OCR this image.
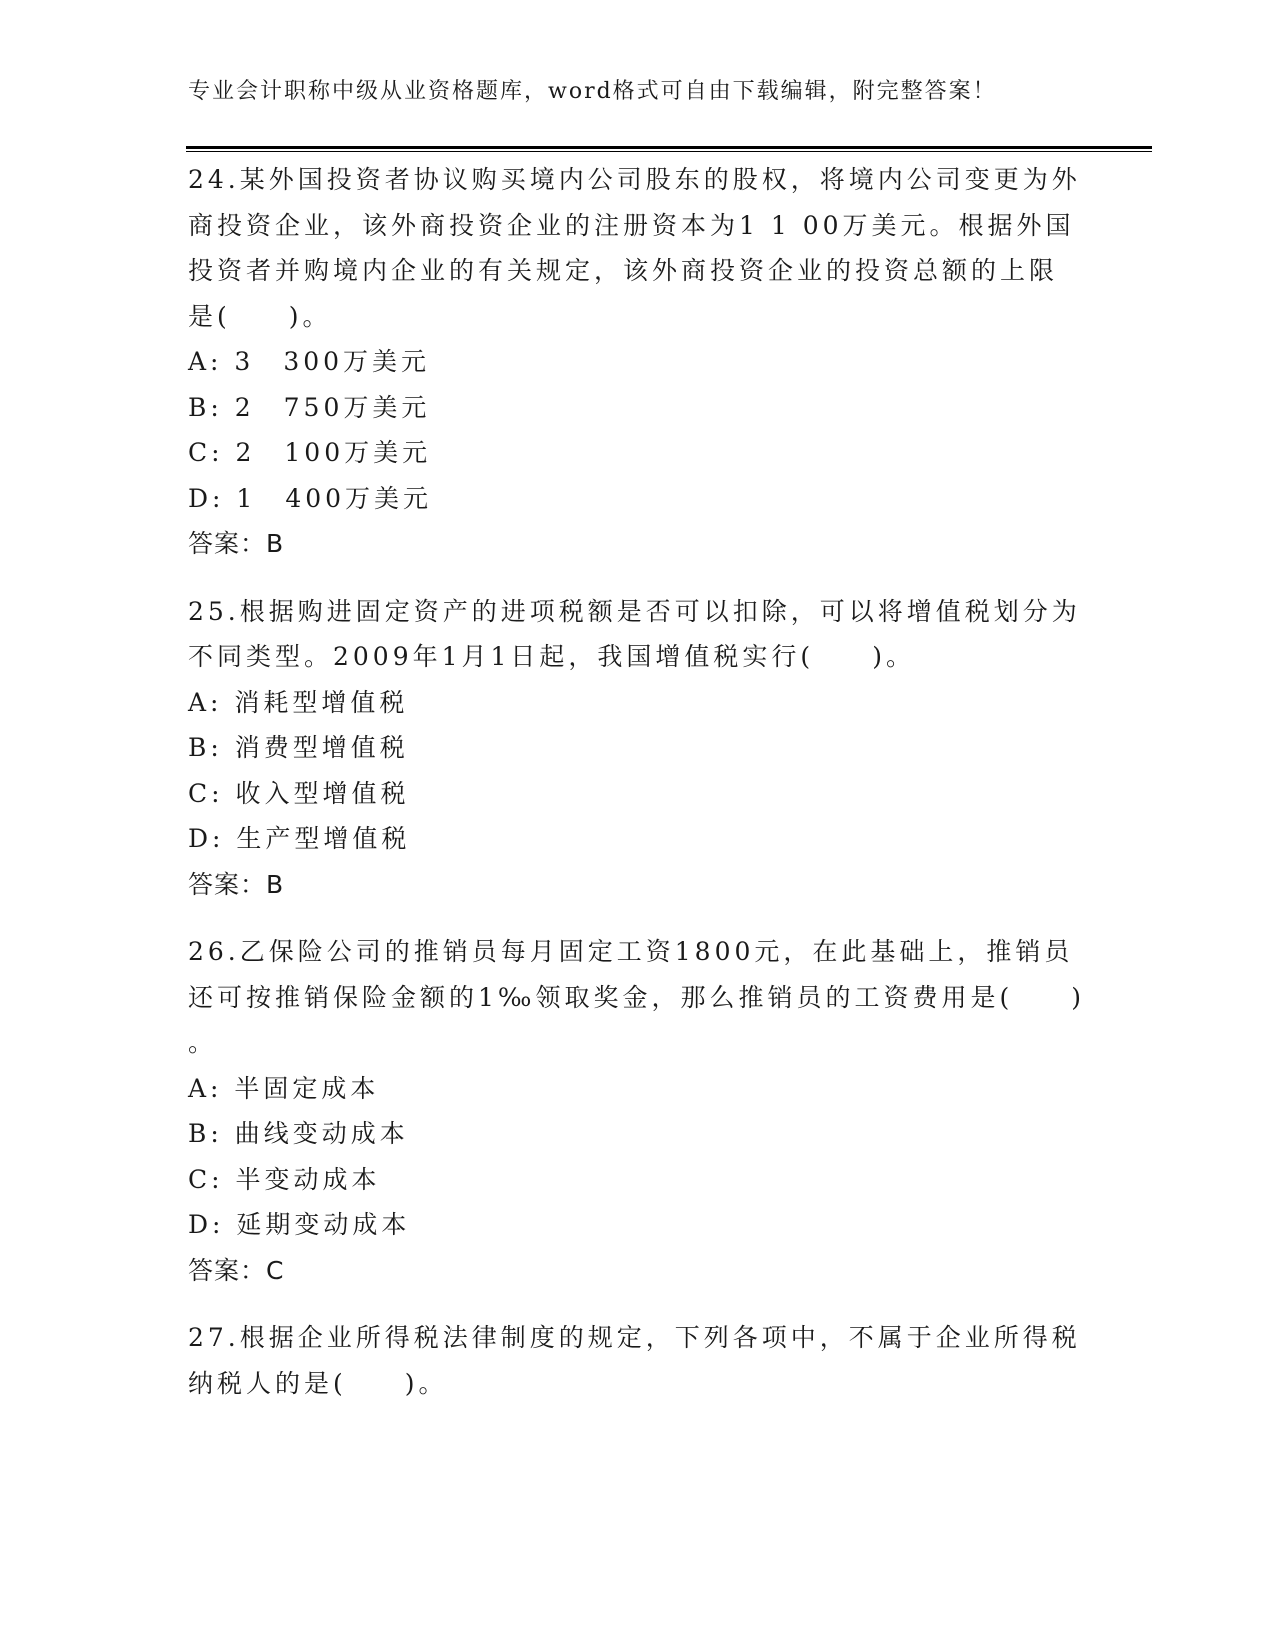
专业会计职称中级从业资格题库，word格式可自由下载编辑，附完整答案！
24.某外国投资者协议购买境内公司股东的股权，将境内公司变更为外
商投资企业，该外商投资企业的注册资本为1 1 00万美元。根据外国
投资者并购境内企业的有关规定，该外商投资企业的投资总额的上限
是(　　)。
A: 3　300万美元
B: 2　750万美元
C: 2　100万美元
D: 1　400万美元
答案：B
25.根据购进固定资产的进项税额是否可以扣除，可以将增值税划分为
不同类型。2009年1月1日起，我国增值税实行(　　)。
A: 消耗型增值税
B: 消费型增值税
C: 收入型增值税
D: 生产型增值税
答案：B
26.乙保险公司的推销员每月固定工资1800元，在此基础上，推销员
还可按推销保险金额的1‰领取奖金，那么推销员的工资费用是(　　)
。
A: 半固定成本
B: 曲线变动成本
C: 半变动成本
D: 延期变动成本
答案：C
27.根据企业所得税法律制度的规定，下列各项中，不属于企业所得税
纳税人的是(　　)。
